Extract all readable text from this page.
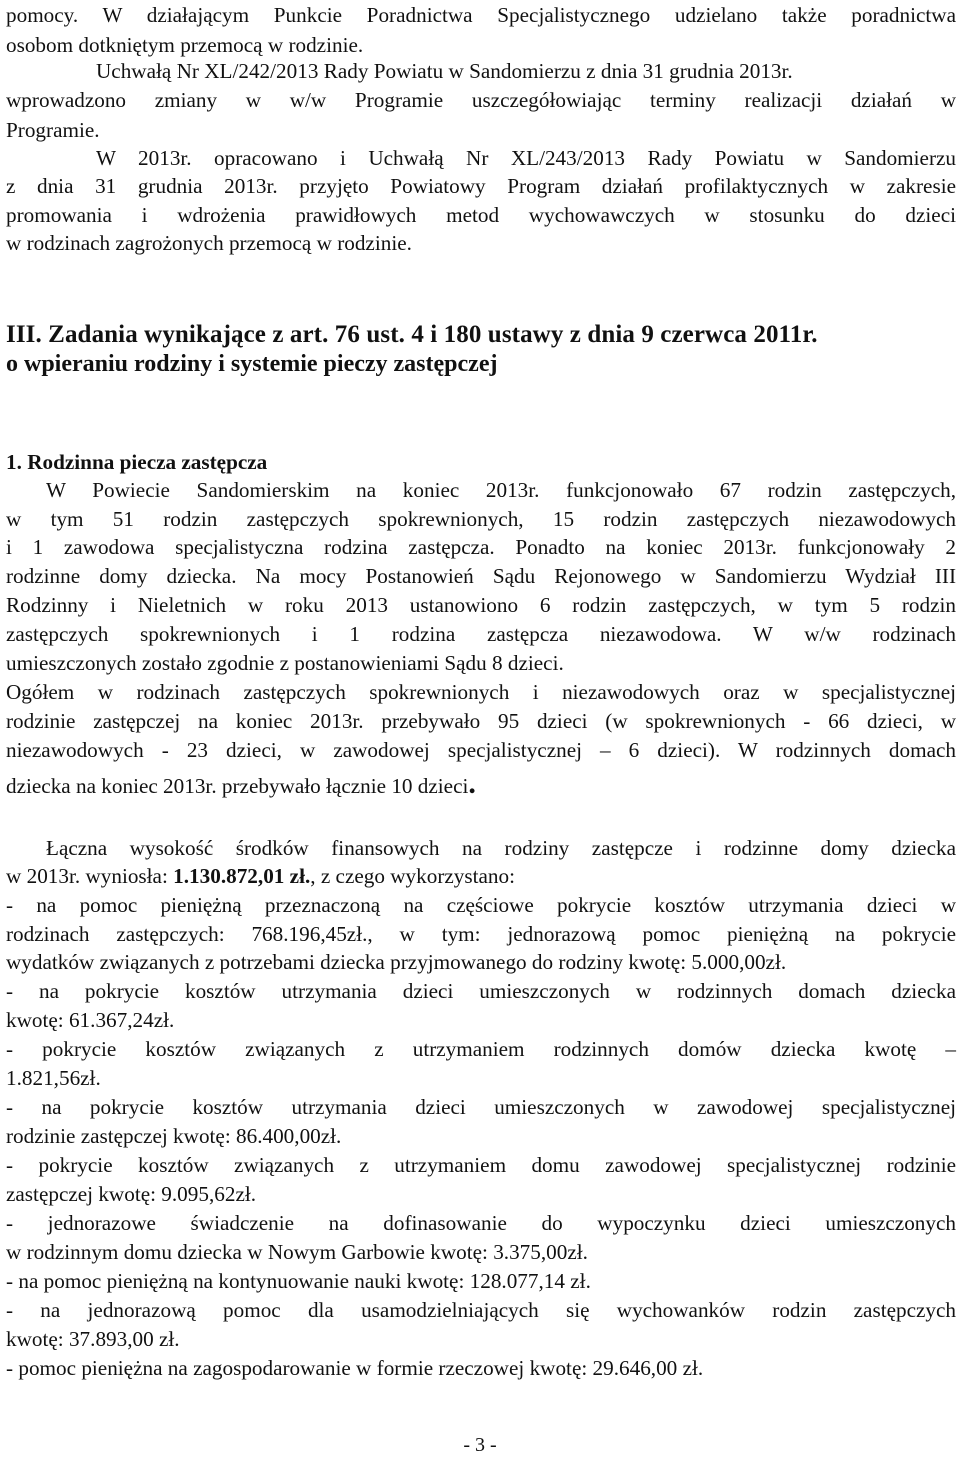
pomocy. W działającym Punkcie Poradnictwa Specjalistycznego udzielano także poradnictwa
osobom dotkniętym przemocą w rodzinie.
Uchwałą Nr XL/242/2013 Rady Powiatu w Sandomierzu z dnia 31 grudnia 2013r.
wprowadzono zmiany w w/w Programie uszczegółowiając terminy realizacji działań w
Programie.
W 2013r. opracowano i Uchwałą Nr XL/243/2013 Rady Powiatu w Sandomierzu
z dnia 31 grudnia 2013r. przyjęto Powiatowy Program działań profilaktycznych w zakresie
promowania i wdrożenia prawidłowych metod wychowawczych w stosunku do dzieci
w rodzinach zagrożonych przemocą w rodzinie.
III. Zadania wynikające z art. 76 ust. 4 i 180 ustawy z dnia 9 czerwca 2011r.
o wpieraniu rodziny i systemie pieczy zastępczej
1. Rodzinna piecza zastępcza
W Powiecie Sandomierskim na koniec 2013r. funkcjonowało 67 rodzin zastępczych,
w tym 51 rodzin zastępczych spokrewnionych, 15 rodzin zastępczych niezawodowych
i 1 zawodowa specjalistyczna rodzina zastępcza. Ponadto na koniec 2013r. funkcjonowały 2
rodzinne domy dziecka. Na mocy Postanowień Sądu Rejonowego w Sandomierzu Wydział III
Rodzinny i Nieletnich w roku 2013 ustanowiono 6 rodzin zastępczych, w tym 5 rodzin
zastępczych spokrewnionych i 1 rodzina zastępcza niezawodowa. W w/w rodzinach
umieszczonych zostało zgodnie z postanowieniami Sądu 8 dzieci.
Ogółem w rodzinach zastępczych spokrewnionych i niezawodowych oraz w specjalistycznej
rodzinie zastępczej na koniec 2013r. przebywało 95 dzieci (w spokrewnionych - 66 dzieci, w
niezawodowych - 23 dzieci, w zawodowej specjalistycznej – 6 dzieci). W rodzinnych domach
dziecka na koniec 2013r. przebywało łącznie 10 dzieci.
Łączna wysokość środków finansowych na rodziny zastępcze i rodzinne domy dziecka
w 2013r. wyniosła: 1.130.872,01 zł., z czego wykorzystano:
- na pomoc pieniężną przeznaczoną na częściowe pokrycie kosztów utrzymania dzieci w
rodzinach zastępczych: 768.196,45zł., w tym: jednorazową pomoc pieniężną na pokrycie
wydatków związanych z potrzebami dziecka przyjmowanego do rodziny kwotę: 5.000,00zł.
- na pokrycie kosztów utrzymania dzieci umieszczonych w rodzinnych domach dziecka
kwotę: 61.367,24zł.
- pokrycie kosztów związanych z utrzymaniem rodzinnych domów dziecka kwotę –
1.821,56zł.
- na pokrycie kosztów utrzymania dzieci umieszczonych w zawodowej specjalistycznej
rodzinie zastępczej kwotę: 86.400,00zł.
- pokrycie kosztów związanych z utrzymaniem domu zawodowej specjalistycznej rodzinie
zastępczej kwotę: 9.095,62zł.
- jednorazowe świadczenie na dofinasowanie do wypoczynku dzieci umieszczonych
w rodzinnym domu dziecka w Nowym Garbowie kwotę: 3.375,00zł.
- na pomoc pieniężną na kontynuowanie nauki kwotę: 128.077,14 zł.
- na jednorazową pomoc dla usamodzielniających się wychowanków rodzin zastępczych
kwotę: 37.893,00 zł.
- pomoc pieniężna na zagospodarowanie w formie rzeczowej kwotę: 29.646,00 zł.
- 3 -
